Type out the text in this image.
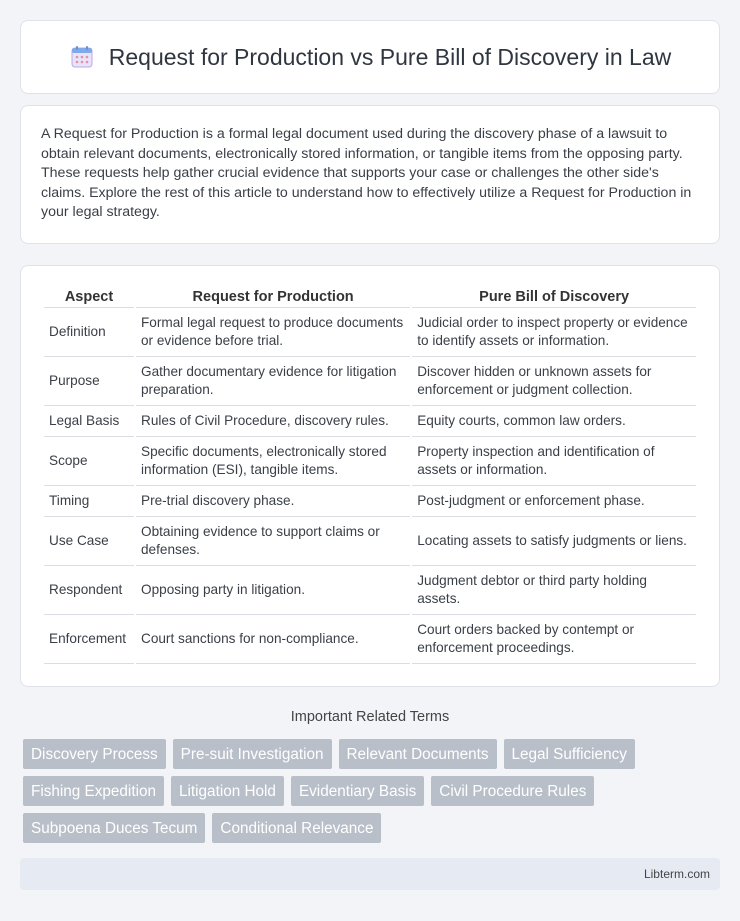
Request for Production vs Pure Bill of Discovery in Law

A Request for Production is a formal legal document used during the discovery phase of a lawsuit to obtain relevant documents, electronically stored information, or tangible items from the opposing party. These requests help gather crucial evidence that supports your case or challenges the other side's claims. Explore the rest of this article to understand how to effectively utilize a Request for Production in your legal strategy.

Aspect	Request for Production	Pure Bill of Discovery
Definition	Formal legal request to produce documents or evidence before trial.	Judicial order to inspect property or evidence to identify assets or information.
Purpose	Gather documentary evidence for litigation preparation.	Discover hidden or unknown assets for enforcement or judgment collection.
Legal Basis	Rules of Civil Procedure, discovery rules.	Equity courts, common law orders.
Scope	Specific documents, electronically stored information (ESI), tangible items.	Property inspection and identification of assets or information.
Timing	Pre-trial discovery phase.	Post-judgment or enforcement phase.
Use Case	Obtaining evidence to support claims or defenses.	Locating assets to satisfy judgments or liens.
Respondent	Opposing party in litigation.	Judgment debtor or third party holding assets.
Enforcement	Court sanctions for non-compliance.	Court orders backed by contempt or enforcement proceedings.
Important Related Terms
Discovery Process	Pre-suit Investigation	Relevant Documents	Legal Sufficiency
Fishing Expedition	Litigation Hold	Evidentiary Basis	Civil Procedure Rules
Subpoena Duces Tecum	Conditional Relevance
Libterm.com
